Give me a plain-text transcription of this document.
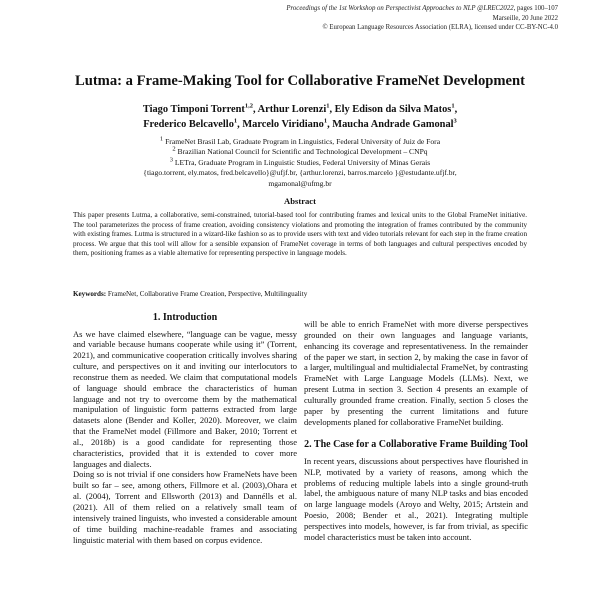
Proceedings of the 1st Workshop on Perspectivist Approaches to NLP @LREC2022, pages 100–107
Marseille, 20 June 2022
© European Language Resources Association (ELRA), licensed under CC-BY-NC-4.0
Lutma: a Frame-Making Tool for Collaborative FrameNet Development
Tiago Timponi Torrent$^{1,2}$, Arthur Lorenzi$^1$, Ely Edison da Silva Matos$^1$,
Frederico Belcavello$^1$, Marcelo Viridiano$^1$, Maucha Andrade Gamonal$^3$
$^1$ FrameNet Brasil Lab, Graduate Program in Linguistics, Federal University of Juiz de Fora
$^2$ Brazilian National Council for Scientific and Technological Development – CNPq
$^3$ LETra, Graduate Program in Linguistic Studies, Federal University of Minas Gerais
{tiago.torrent, ely.matos, fred.belcavello}@ufjf.br, {arthur.lorenzi, barros.marcelo }@estudante.ufjf.br,
mgamonal@ufmg.br
Abstract

This paper presents Lutma, a collaborative, semi-constrained, tutorial-based tool for contributing frames and lexical units to the Global FrameNet initiative. The tool parameterizes the process of frame creation, avoiding consistency violations and promoting the integration of frames contributed by the community with existing frames. Lutma is structured in a wizard-like fashion so as to provide users with text and video tutorials relevant for each step in the frame creation process. We argue that this tool will allow for a sensible expansion of FrameNet coverage in terms of both languages and cultural perspectives encoded by them, positioning frames as a viable alternative for representing perspective in language models.

Keywords: FrameNet, Collaborative Frame Creation, Perspective, Multilinguality
1. Introduction

As we have claimed elsewhere, “language can be vague, messy and variable because humans cooperate while using it” (Torrent, 2021), and communicative cooperation critically involves sharing culture, and perspectives on it and inviting our interlocutors to reconstrue them as needed. We claim that computational models of language should embrace the characteristics of human language and not try to overcome them by the mathematical manipulation of linguistic form patterns extracted from large datasets alone (Bender and Koller, 2020). Moreover, we claim that the FrameNet model (Fillmore and Baker, 2010; Torrent et al., 2018b) is a good candidate for representing those characteristics, provided that it is extended to cover more languages and dialects.

Doing so is not trivial if one considers how FrameNets have been built so far – see, among others, Fillmore et al. (2003),Ohara et al. (2004), Torrent and Ellsworth (2013) and Dannélls et al. (2021). All of them relied on a relatively small team of intensively trained linguists, who invested a considerable amount of time building machine-readable frames and associating linguistic material with them based on corpus evidence.

will be able to enrich FrameNet with more diverse perspectives grounded on their own languages and language variants, enhancing its coverage and representativeness. In the remainder of the paper we start, in section 2, by making the case in favor of a larger, multilingual and multidialectal FrameNet, by contrasting FrameNet with Large Language Models (LLMs). Next, we present Lutma in section 3. Section 4 presents an example of culturally grounded frame creation. Finally, section 5 closes the paper by presenting the current limitations and future developments planed for collaborative FrameNet building.

2. The Case for a Collaborative Frame Building Tool

In recent years, discussions about perspectives have flourished in NLP, motivated by a variety of reasons, among which the problems of reducing multiple labels into a single ground-truth label, the ambiguous nature of many NLP tasks and bias encoded on large language models (Aroyo and Welty, 2015; Artstein and Poesio, 2008; Bender et al., 2021). Integrating multiple perspectives into models, however, is far from trivial, as specific model characteristics must be taken into account.
